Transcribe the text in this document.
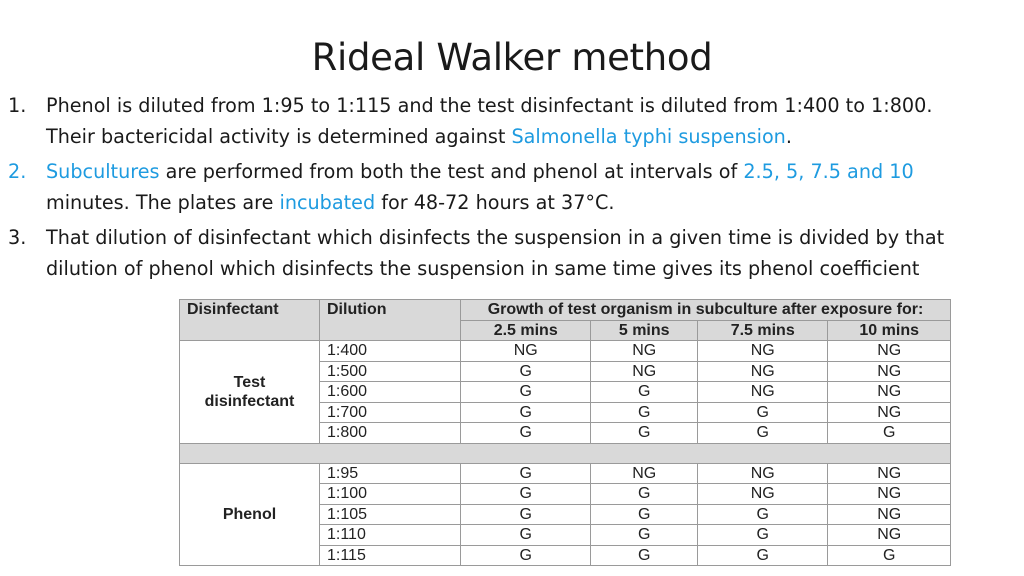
Rideal Walker method
1.	Phenol is diluted from 1:95 to 1:115 and the test disinfectant is diluted from 1:400 to 1:800.
Their bactericidal activity is determined against Salmonella typhi suspension.
2.	Subcultures are performed from both the test and phenol at intervals of 2.5, 5, 7.5 and 10
minutes. The plates are incubated for 48-72 hours at 37°C.
3.	That dilution of disinfectant which disinfects the suspension in a given time is divided by that
dilution of phenol which disinfects the suspension in same time gives its phenol coefficient
Disinfectant	Dilution	Growth of test organism in subculture after exposure for:			
		2.5 mins	5 mins	7.5 mins	10 mins
Test
disinfectant	1:400	NG	NG	NG	NG
	1:500	G	NG	NG	NG
	1:600	G	G	NG	NG
	1:700	G	G	G	NG
	1:800	G	G	G	G

Phenol	1:95	G	NG	NG	NG
	1:100	G	G	NG	NG
	1:105	G	G	G	NG
	1:110	G	G	G	NG
	1:115	G	G	G	G
